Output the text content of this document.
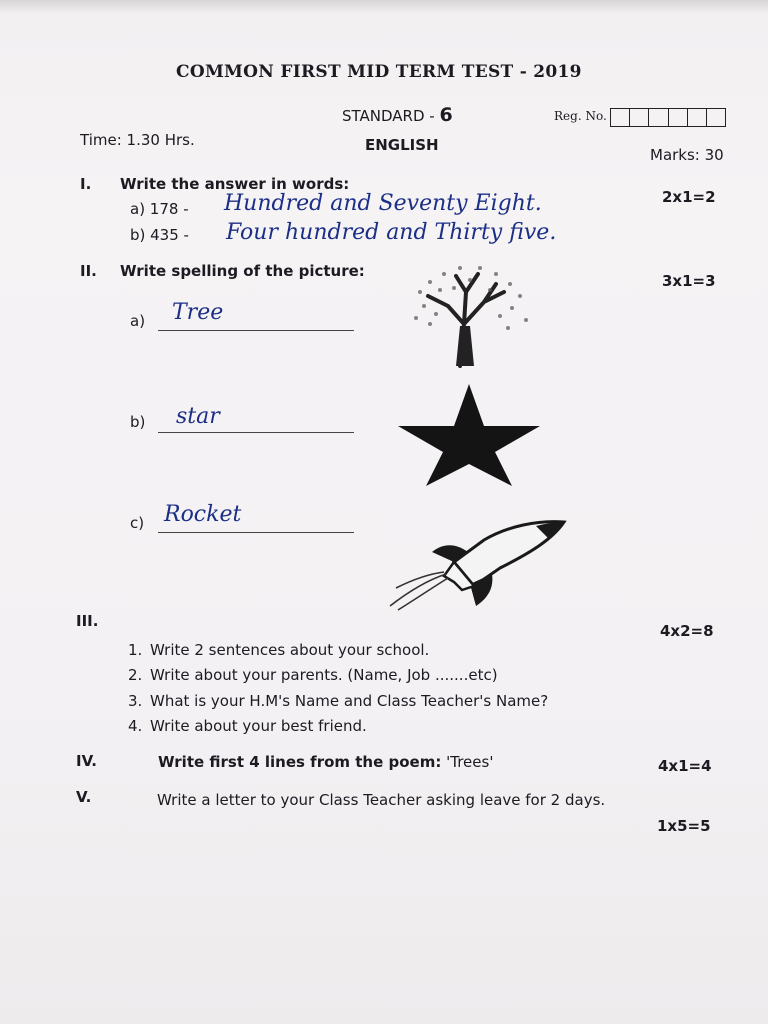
COMMON FIRST MID TERM TEST - 2019
STANDARD - 6	Reg. No.
Time: 1.30 Hrs.	ENGLISH
Marks: 30
I. Write the answer in words:
2x1=2
a) 178 - Hundred and Seventy Eight.
b) 435 - Four hundred and Thirty five.
II. Write spelling of the picture:
3x1=3
a) Tree
b) star
c) Rocket
III.
4x2=8
1. Write 2 sentences about your school.
2. Write about your parents. (Name, Job .......etc)
3. What is your H.M's Name and Class Teacher's Name?
4. Write about your best friend.
IV.	Write first 4 lines from the poem: 'Trees'	4x1=4
V.	Write a letter to your Class Teacher asking leave for 2 days.
1x5=5
